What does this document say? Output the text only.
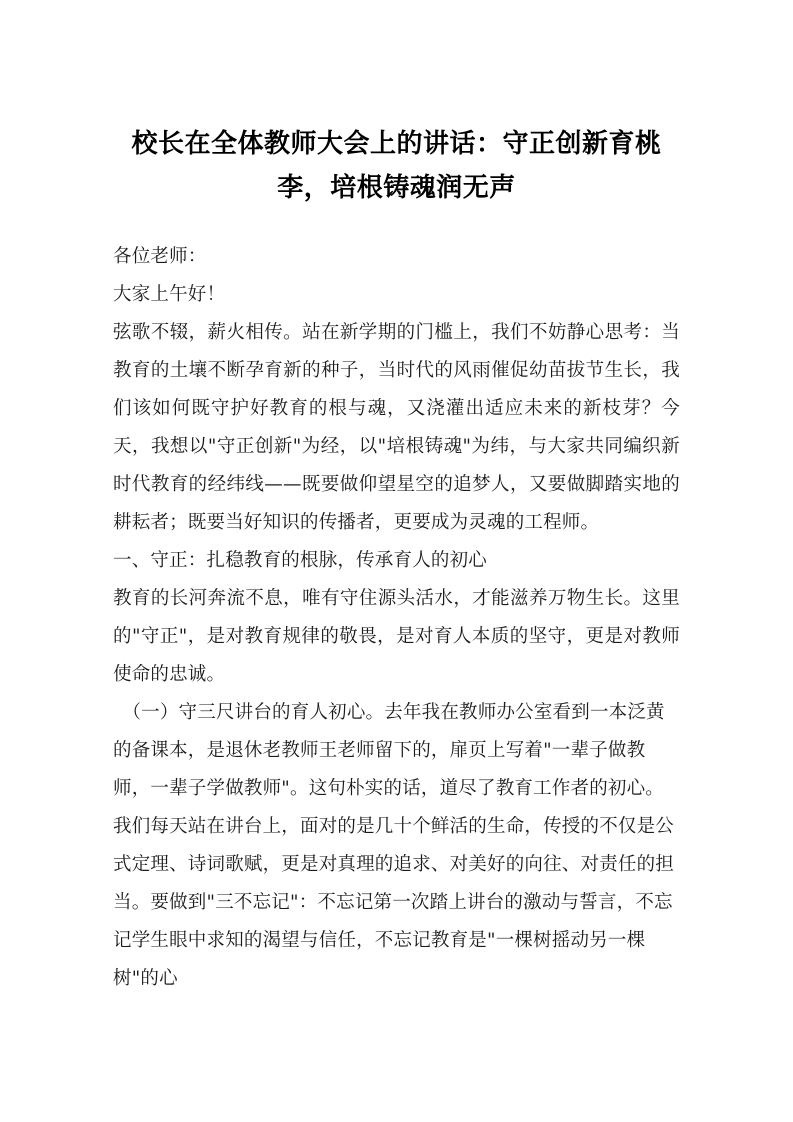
校长在全体教师大会上的讲话：守正创新育桃李，培根铸魂润无声

各位老师：

大家上午好！

弦歌不辍，薪火相传。站在新学期的门槛上，我们不妨静心思考：当教育的土壤不断孕育新的种子，当时代的风雨催促幼苗拔节生长，我们该如何既守护好教育的根与魂，又浇灌出适应未来的新枝芽？今天，我想以"守正创新"为经，以"培根铸魂"为纬，与大家共同编织新时代教育的经纬线——既要做仰望星空的追梦人，又要做脚踏实地的耕耘者；既要当好知识的传播者，更要成为灵魂的工程师。

一、守正：扎稳教育的根脉，传承育人的初心

教育的长河奔流不息，唯有守住源头活水，才能滋养万物生长。这里的"守正"，是对教育规律的敬畏，是对育人本质的坚守，更是对教师使命的忠诚。

　（一）守三尺讲台的育人初心。去年我在教师办公室看到一本泛黄的备课本，是退休老教师王老师留下的，扉页上写着"一辈子做教师，一辈子学做教师"。这句朴实的话，道尽了教育工作者的初心。我们每天站在讲台上，面对的是几十个鲜活的生命，传授的不仅是公式定理、诗词歌赋，更是对真理的追求、对美好的向往、对责任的担当。要做到"三不忘记"：不忘记第一次踏上讲台的激动与誓言，不忘记学生眼中求知的渴望与信任，不忘记教育是"一棵树摇动另一棵树"的心
